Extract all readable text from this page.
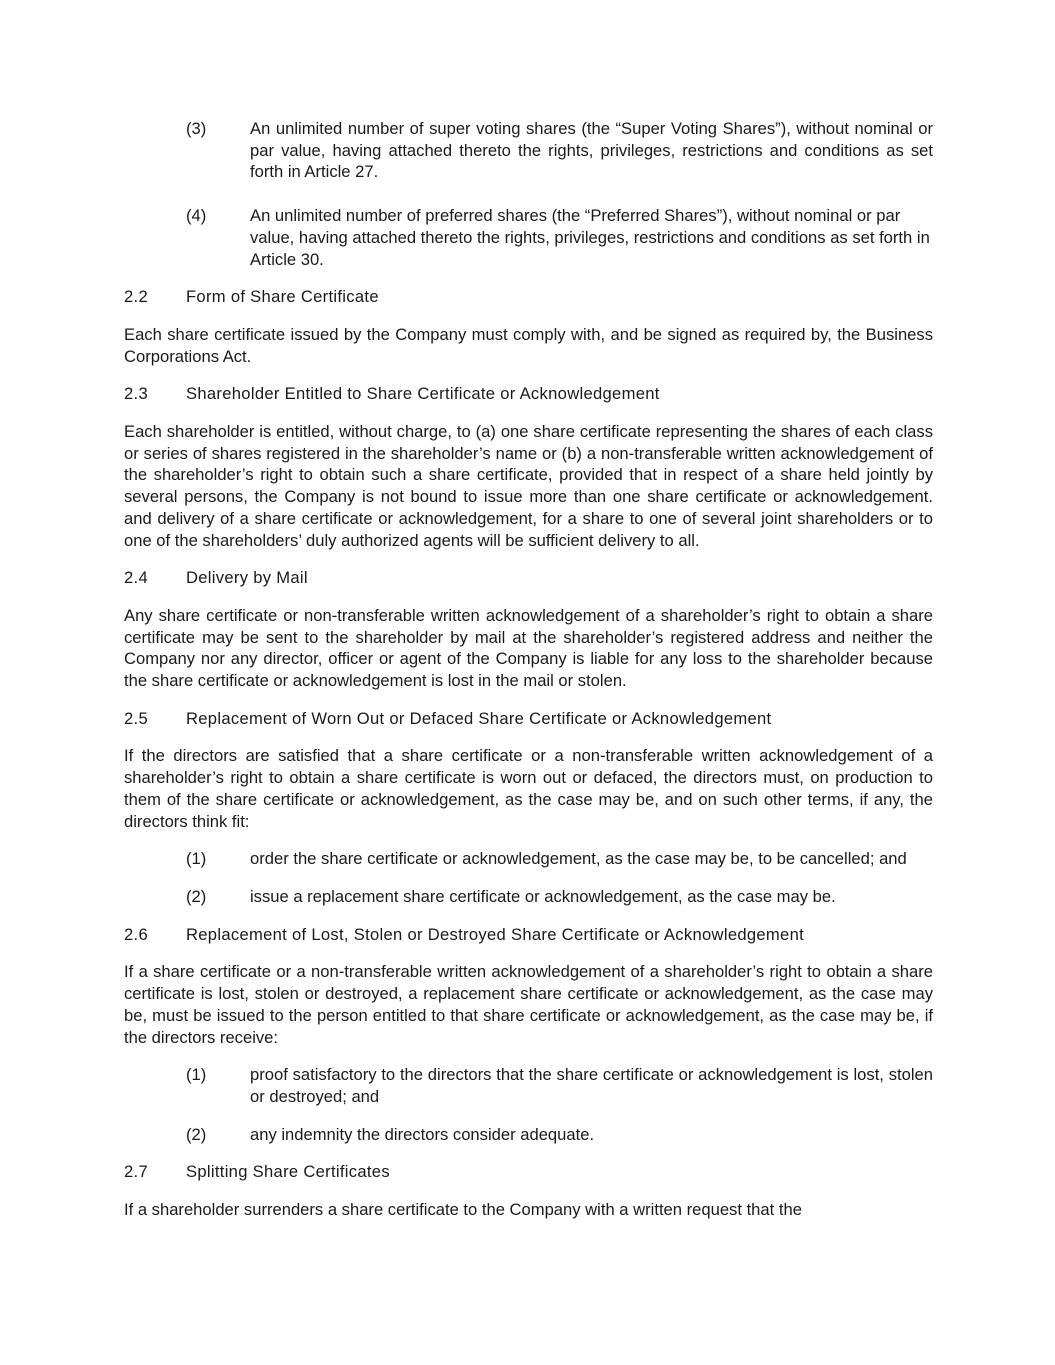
(3)	An unlimited number of super voting shares (the “Super Voting Shares”), without nominal or par value, having attached thereto the rights, privileges, restrictions and conditions as set forth in Article 27.
(4)	An unlimited number of preferred shares (the “Preferred Shares”), without nominal or par value, having attached thereto the rights, privileges, restrictions and conditions as set forth in Article 30.
2.2	Form of Share Certificate

Each share certificate issued by the Company must comply with, and be signed as required by, the Business Corporations Act.

2.3	Shareholder Entitled to Share Certificate or Acknowledgement

Each shareholder is entitled, without charge, to (a) one share certificate representing the shares of each class or series of shares registered in the shareholder’s name or (b) a non-transferable written acknowledgement of the shareholder’s right to obtain such a share certificate, provided that in respect of a share held jointly by several persons, the Company is not bound to issue more than one share certificate or acknowledgement. and delivery of a share certificate or acknowledgement, for a share to one of several joint shareholders or to one of the shareholders’ duly authorized agents will be sufficient delivery to all.

2.4	Delivery by Mail

Any share certificate or non-transferable written acknowledgement of a shareholder’s right to obtain a share certificate may be sent to the shareholder by mail at the shareholder’s registered address and neither the Company nor any director, officer or agent of the Company is liable for any loss to the shareholder because the share certificate or acknowledgement is lost in the mail or stolen.

2.5	Replacement of Worn Out or Defaced Share Certificate or Acknowledgement

If the directors are satisfied that a share certificate or a non-transferable written acknowledgement of a shareholder’s right to obtain a share certificate is worn out or defaced, the directors must, on production to them of the share certificate or acknowledgement, as the case may be, and on such other terms, if any, the directors think fit:

(1)	order the share certificate or acknowledgement, as the case may be, to be cancelled; and
(2)	issue a replacement share certificate or acknowledgement, as the case may be.
2.6	Replacement of Lost, Stolen or Destroyed Share Certificate or Acknowledgement

If a share certificate or a non-transferable written acknowledgement of a shareholder’s right to obtain a share certificate is lost, stolen or destroyed, a replacement share certificate or acknowledgement, as the case may be, must be issued to the person entitled to that share certificate or acknowledgement, as the case may be, if the directors receive:

(1)	proof satisfactory to the directors that the share certificate or acknowledgement is lost, stolen or destroyed; and
(2)	any indemnity the directors consider adequate.
2.7	Splitting Share Certificates

If a shareholder surrenders a share certificate to the Company with a written request that the
